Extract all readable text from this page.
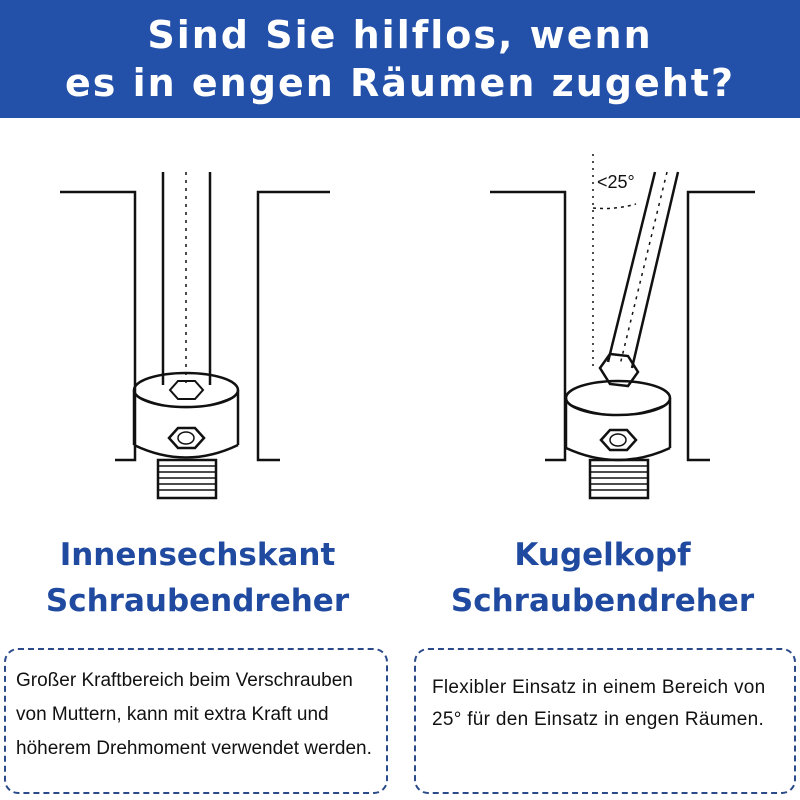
Sind Sie hilflos, wenn
es in engen Räumen zugeht?
<25°
Innensechskant
Schraubendreher
Kugelkopf
Schraubendreher
Großer Kraftbereich beim Verschrauben von Muttern, kann mit extra Kraft und höherem Drehmoment verwendet werden.
Flexibler Einsatz in einem Bereich von 25° für den Einsatz in engen Räumen.
